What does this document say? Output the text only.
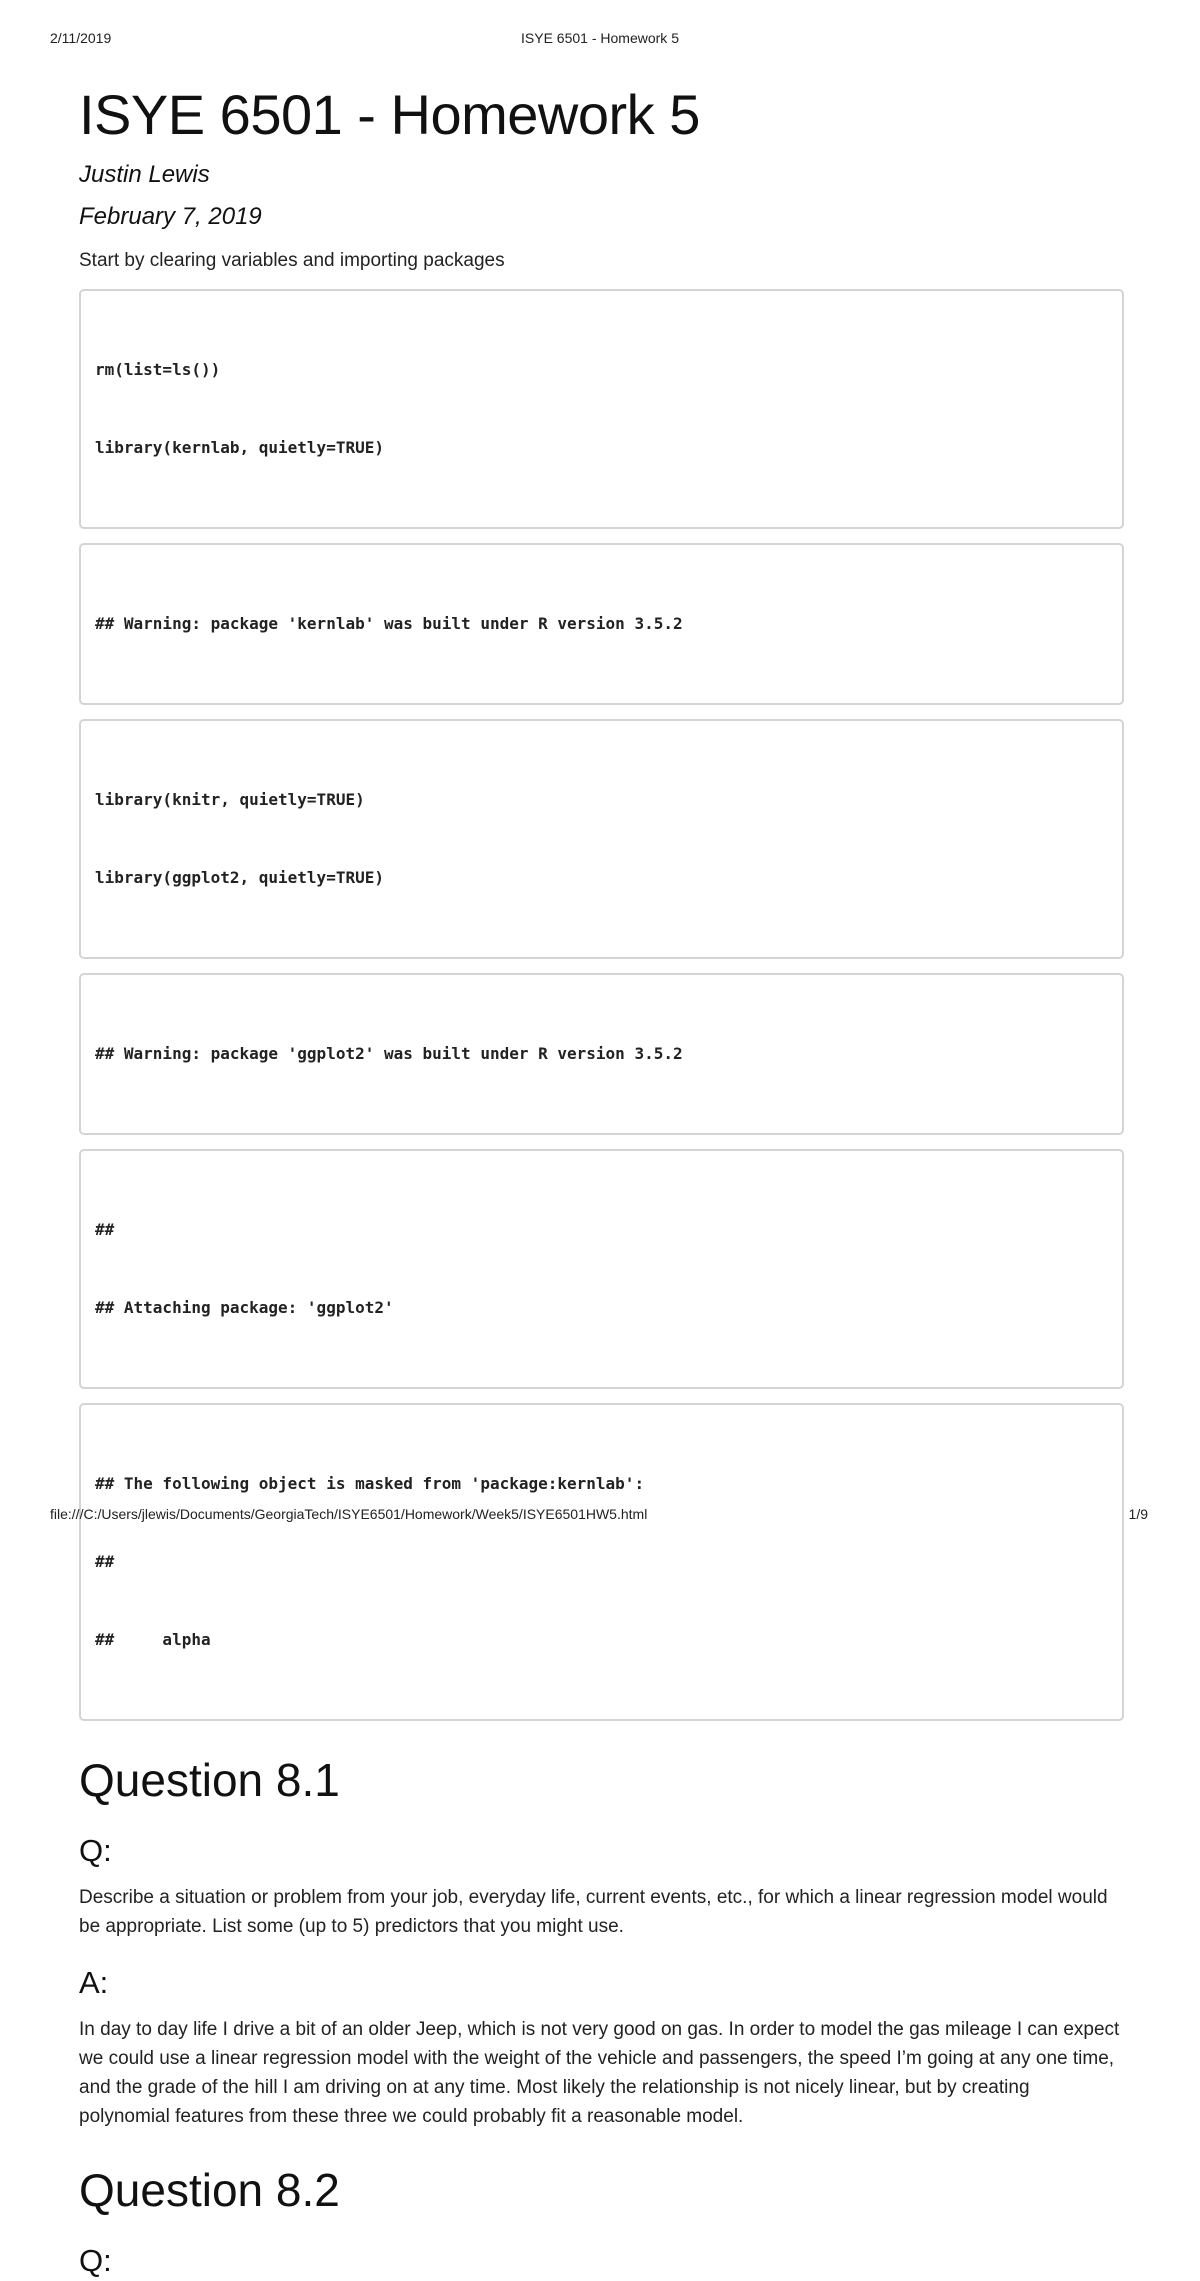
2/11/2019	ISYE 6501 - Homework 5
ISYE 6501 - Homework 5
Justin Lewis
February 7, 2019

Start by clearing variables and importing packages

rm(list=ls())

library(kernlab, quietly=TRUE)

## Warning: package 'kernlab' was built under R version 3.5.2

library(knitr, quietly=TRUE)

library(ggplot2, quietly=TRUE)

## Warning: package 'ggplot2' was built under R version 3.5.2

##

## Attaching package: 'ggplot2'

## The following object is masked from 'package:kernlab':

##

##     alpha

Question 8.1
Q:

Describe a situation or problem from your job, everyday life, current events, etc., for which a linear regression model would be appropriate. List some (up to 5) predictors that you might use.

A:

In day to day life I drive a bit of an older Jeep, which is not very good on gas. In order to model the gas mileage I can expect we could use a linear regression model with the weight of the vehicle and passengers, the speed I’m going at any one time, and the grade of the hill I am driving on at any time. Most likely the relationship is not nicely linear, but by creating polynomial features from these three we could probably fit a reasonable model.

Question 8.2
Q:
file:///C:/Users/jlewis/Documents/GeorgiaTech/ISYE6501/Homework/Week5/ISYE6501HW5.html	1/9
